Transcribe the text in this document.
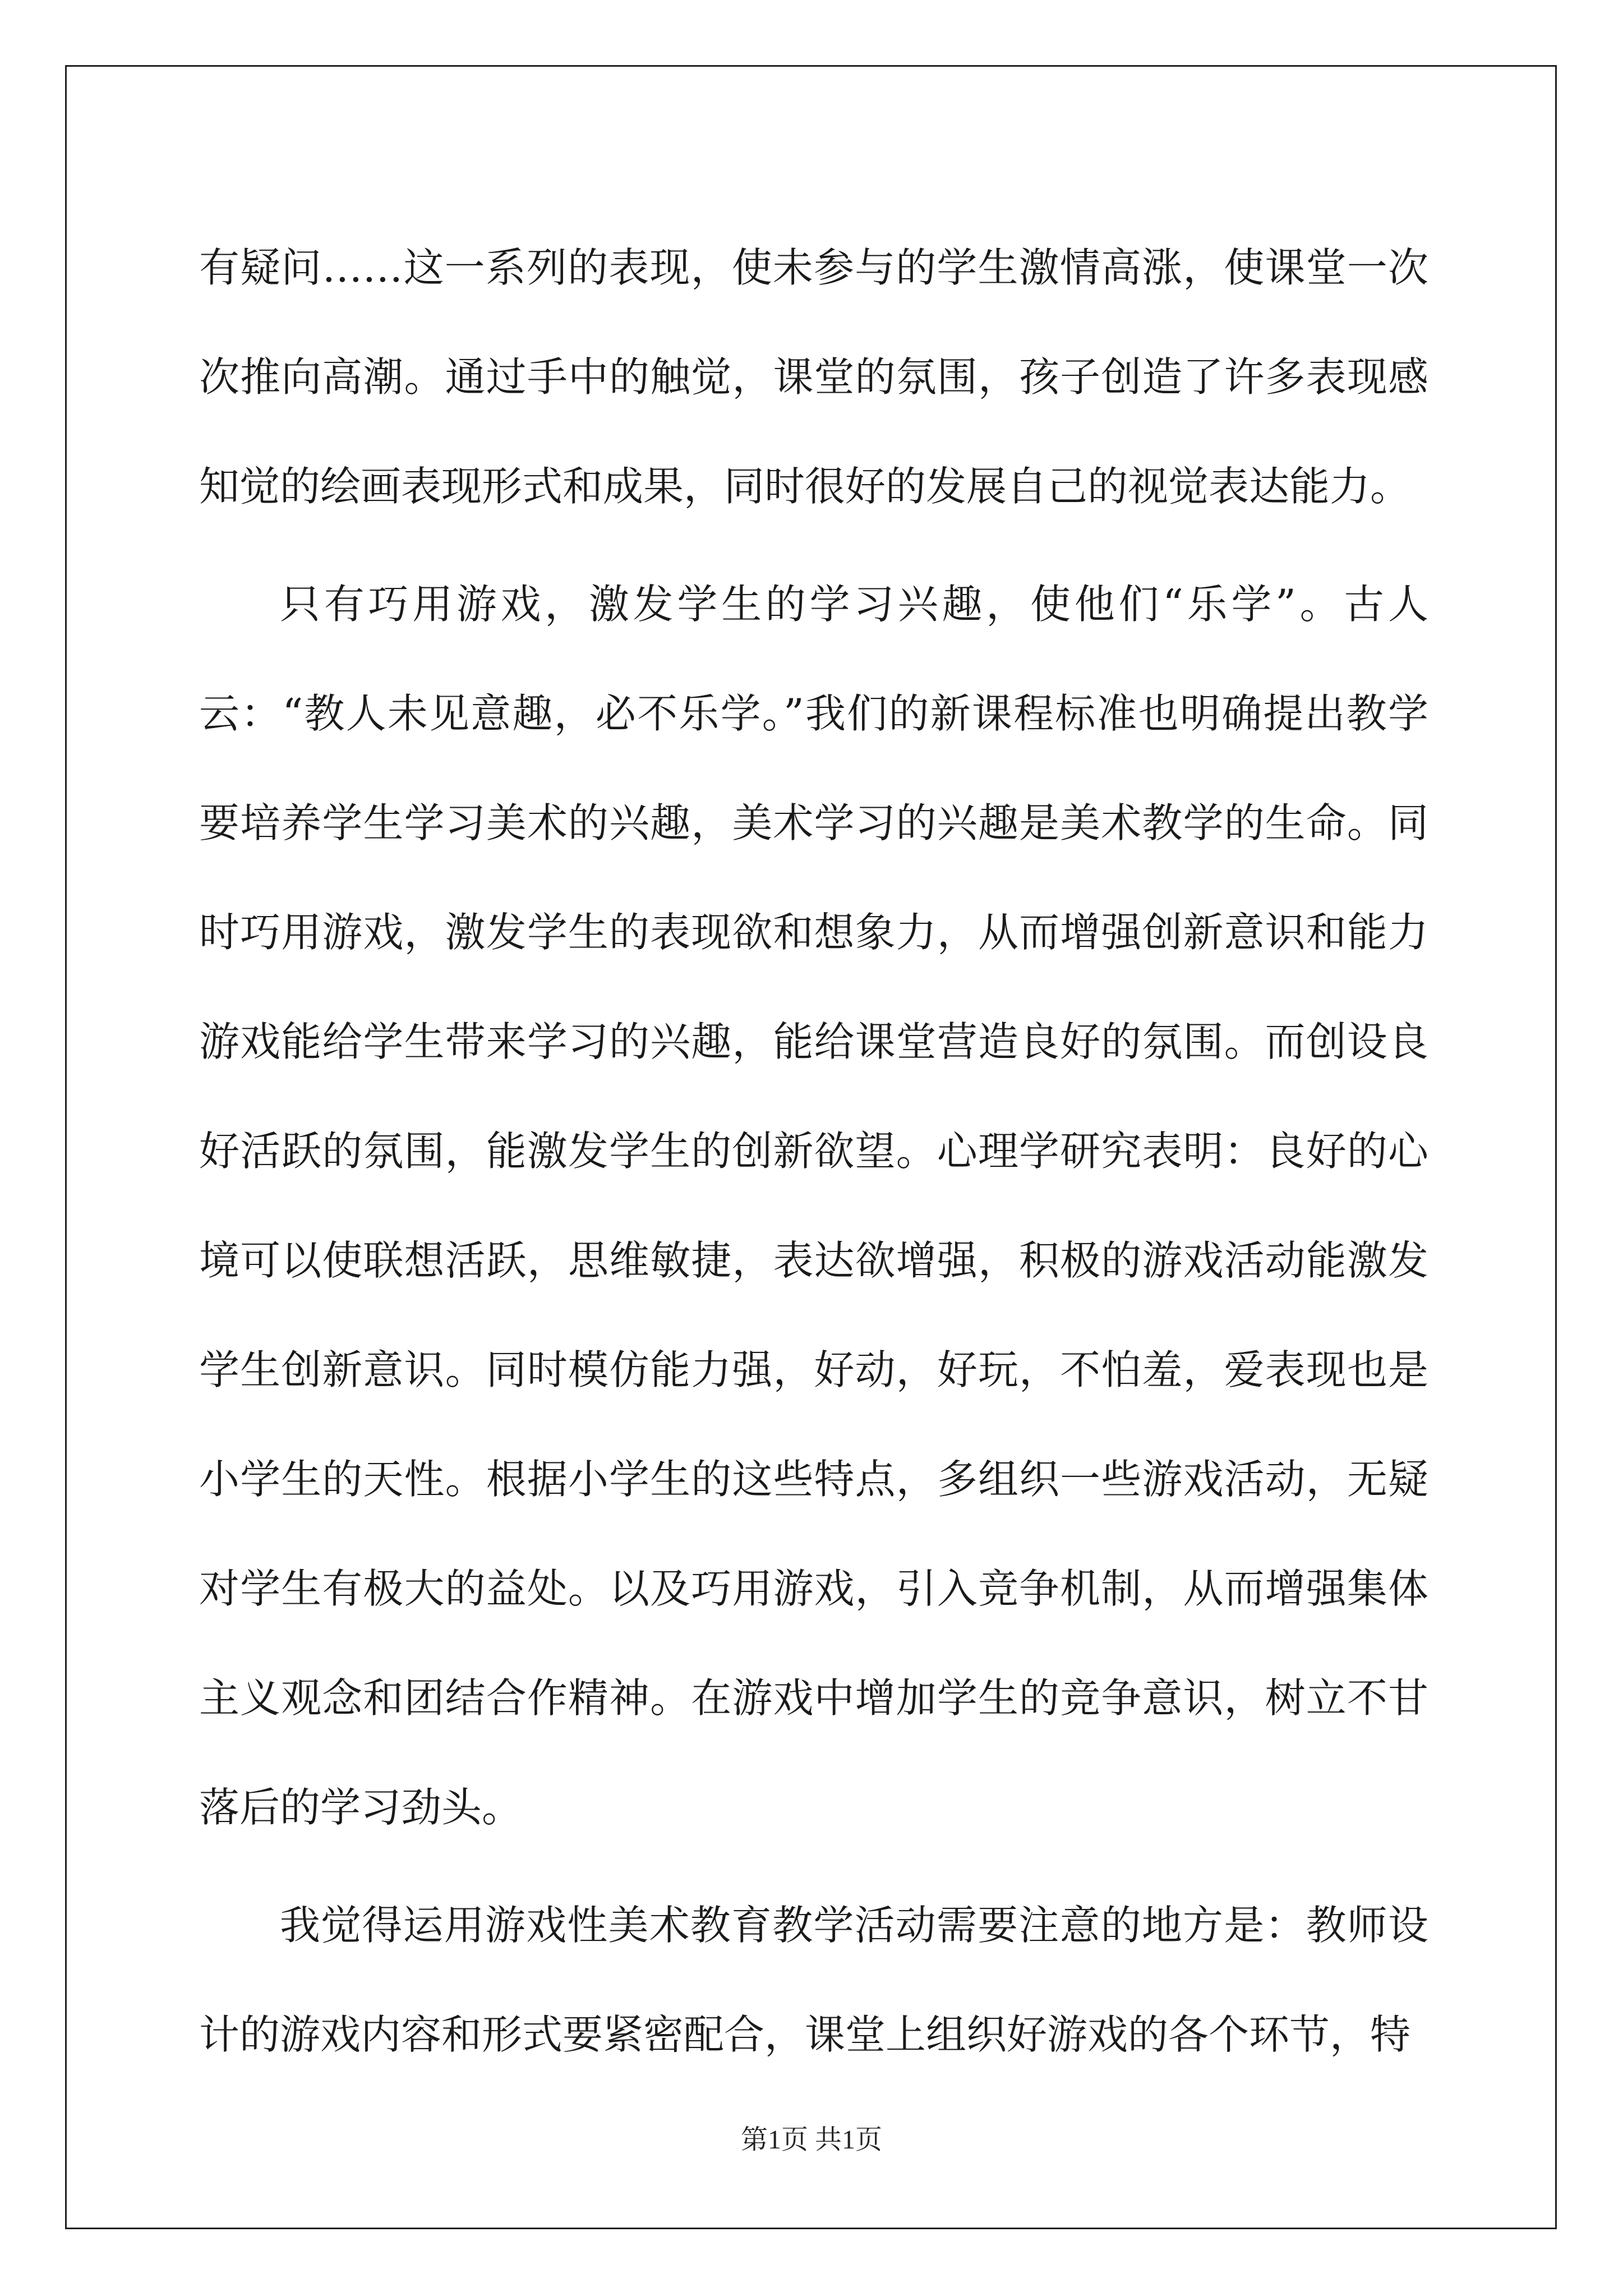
有疑问……这一系列的表现，使未参与的学生激情高涨，使课堂一次次推向高潮。通过手中的触觉，课堂的氛围，孩子创造了许多表现感知觉的绘画表现形式和成果，同时很好的发展自己的视觉表达能力。

只有巧用游戏，激发学生的学习兴趣，使他们“乐学”。古人云：“教人未见意趣，必不乐学。”我们的新课程标准也明确提出教学要培养学生学习美术的兴趣，美术学习的兴趣是美术教学的生命。同时巧用游戏，激发学生的表现欲和想象力，从而增强创新意识和能力游戏能给学生带来学习的兴趣，能给课堂营造良好的氛围。而创设良好活跃的氛围，能激发学生的创新欲望。心理学研究表明：良好的心境可以使联想活跃，思维敏捷，表达欲增强，积极的游戏活动能激发学生创新意识。同时模仿能力强，好动，好玩，不怕羞，爱表现也是小学生的天性。根据小学生的这些特点，多组织一些游戏活动，无疑对学生有极大的益处。以及巧用游戏，引入竞争机制，从而增强集体主义观念和团结合作精神。在游戏中增加学生的竞争意识，树立不甘落后的学习劲头。

我觉得运用游戏性美术教育教学活动需要注意的地方是：教师设计的游戏内容和形式要紧密配合，课堂上组织好游戏的各个环节，特

第1页 共1页
